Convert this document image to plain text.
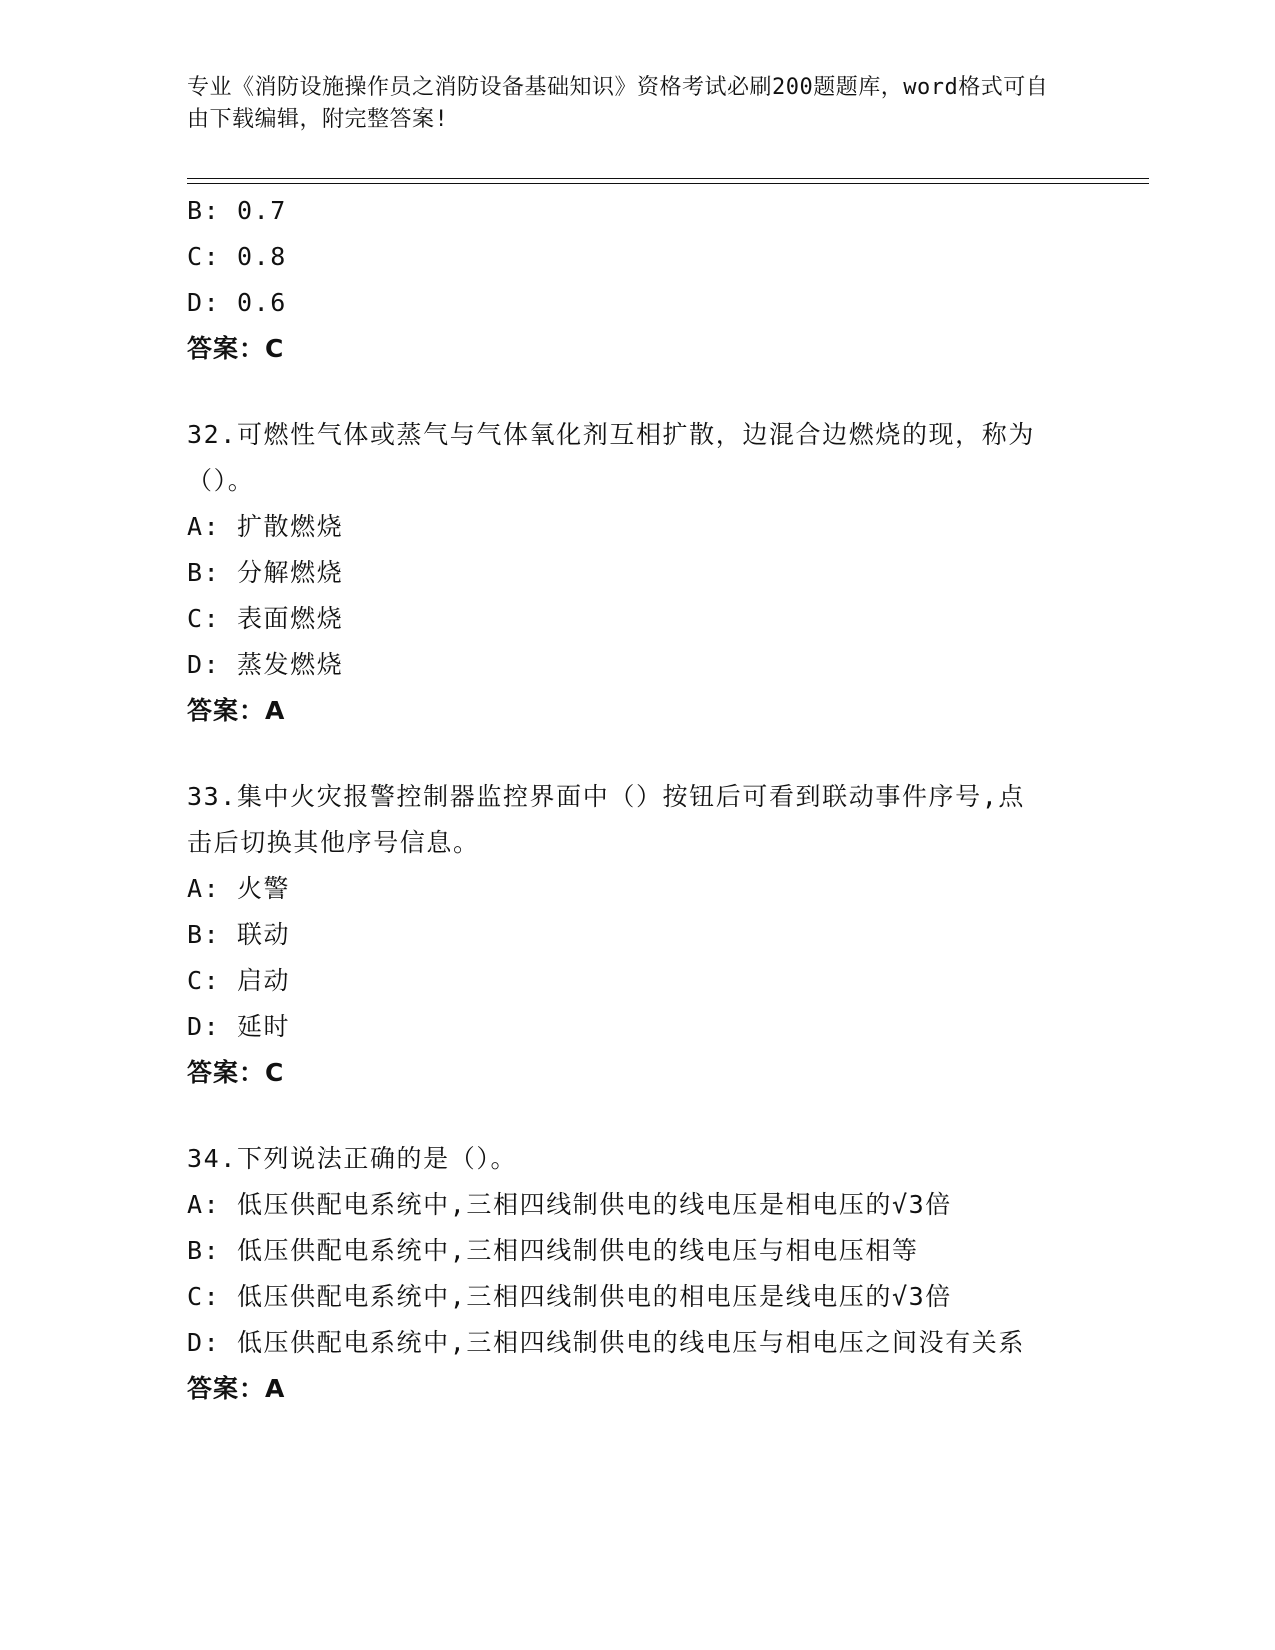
专业《消防设施操作员之消防设备基础知识》资格考试必刷200题题库，word格式可自由下载编辑，附完整答案!
B: 0.7
C: 0.8
D: 0.6
答案：C
32.可燃性气体或蒸气与气体氧化剂互相扩散，边混合边燃烧的现，称为（）。
A: 扩散燃烧
B: 分解燃烧
C: 表面燃烧
D: 蒸发燃烧
答案：A
33.集中火灾报警控制器监控界面中（）按钮后可看到联动事件序号,点击后切换其他序号信息。
A: 火警
B: 联动
C: 启动
D: 延时
答案：C
34.下列说法正确的是（）。
A: 低压供配电系统中,三相四线制供电的线电压是相电压的√3倍
B: 低压供配电系统中,三相四线制供电的线电压与相电压相等
C: 低压供配电系统中,三相四线制供电的相电压是线电压的√3倍
D: 低压供配电系统中,三相四线制供电的线电压与相电压之间没有关系
答案：A
